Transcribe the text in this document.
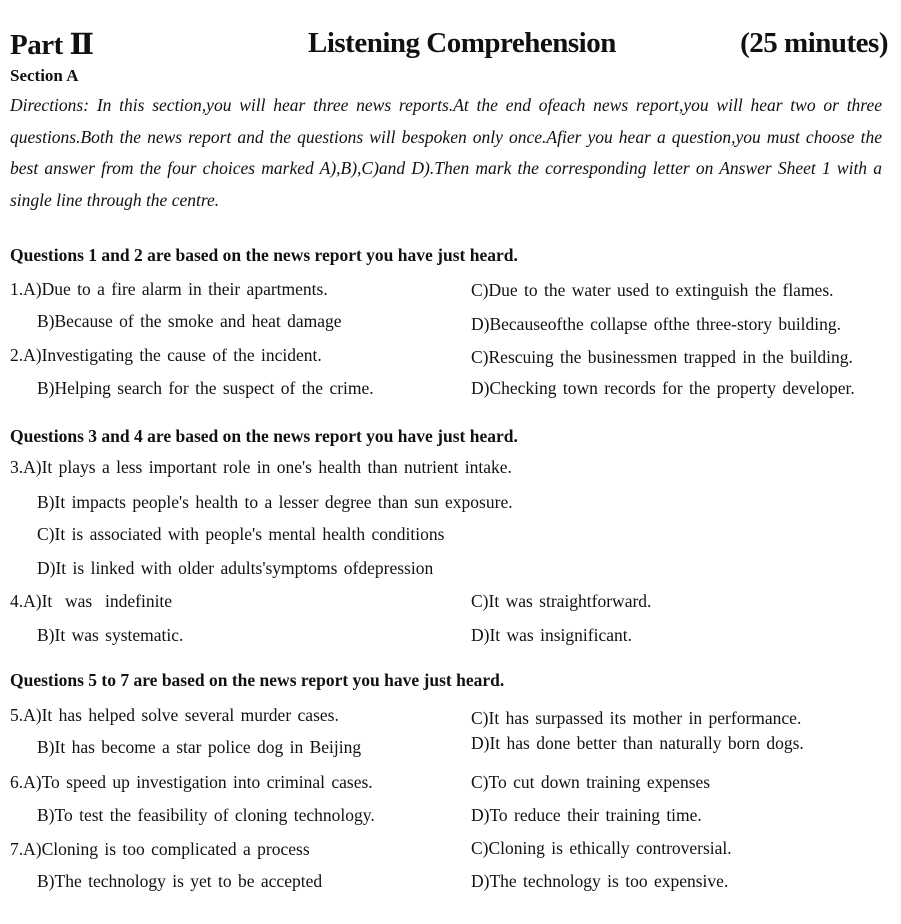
Part Ⅱ	Listening Comprehension	(25 minutes)
Section A
Directions: In this section,you will hear three news reports.At the end ofeach news report,you will hear two or three questions.Both the news report and the questions will bespoken only once.Afier you hear a question,you must choose the best answer from the four choices marked A),B),C)and D).Then mark the corresponding letter on Answer Sheet 1 with a single line through the centre.
Questions 1 and 2 are based on the news report you have just heard.
1.A)Due to a fire alarm in their apartments.	C)Due to the water used to extinguish the flames.
B)Because of the smoke and heat damage	D)Becauseofthe collapse ofthe three-story building.
2.A)Investigating the cause of the incident.	C)Rescuing the businessmen trapped in the building.
B)Helping search for the suspect of the crime.	D)Checking town records for the property developer.
Questions 3 and 4 are based on the news report you have just heard.
3.A)It plays a less important role in one's health than nutrient intake.
B)It impacts people's health to a lesser degree than sun exposure.
C)It is associated with people's mental health conditions
D)It is linked with older adults'symptoms ofdepression
4.A)It  was  indefinite	C)It was straightforward.
B)It was systematic.	D)It was insignificant.
Questions 5 to 7 are based on the news report you have just heard.
5.A)It has helped solve several murder cases.	C)It has surpassed its mother in performance.
B)It has become a star police dog in Beijing	D)It has done better than naturally born dogs.
6.A)To speed up investigation into criminal cases.	C)To cut down training expenses
B)To test the feasibility of cloning technology.	D)To reduce their training time.
7.A)Cloning is too complicated a process	C)Cloning is ethically controversial.
B)The technology is yet to be accepted	D)The technology is too expensive.
